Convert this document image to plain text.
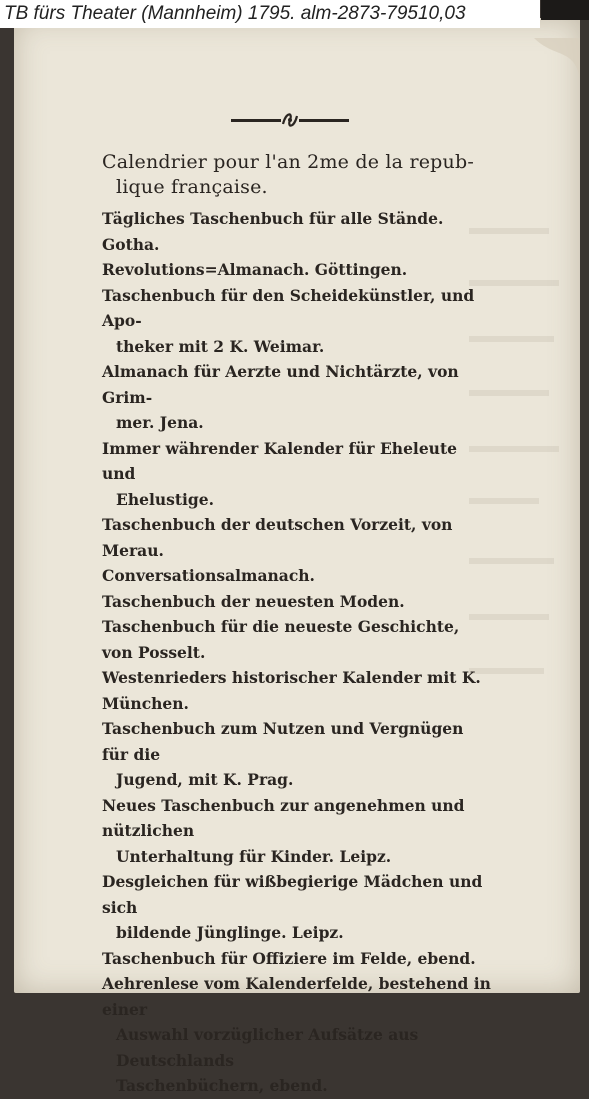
Calendrier pour l'an 2me de la repub-
lique française.

Tägliches Taschenbuch für alle Stände. Gotha.

Revolutions=Almanach. Göttingen.

Taschenbuch für den Scheidekünstler, und Apo-
theker mit 2 K. Weimar.

Almanach für Aerzte und Nichtärzte, von Grim-
mer. Jena.

Immer währender Kalender für Eheleute und
Ehelustige.

Taschenbuch der deutschen Vorzeit, von Merau.

Conversationsalmanach.

Taschenbuch der neuesten Moden.

Taschenbuch für die neueste Geschichte, von Posselt.

Westenrieders historischer Kalender mit K. München.

Taschenbuch zum Nutzen und Vergnügen für die
Jugend, mit K. Prag.

Neues Taschenbuch zur angenehmen und nützlichen
Unterhaltung für Kinder. Leipz.

Desgleichen für wißbegierige Mädchen und sich
bildende Jünglinge. Leipz.

Taschenbuch für Offiziere im Felde, ebend.

Aehrenlese vom Kalenderfelde, bestehend in einer
Auswahl vorzüglicher Aufsätze aus Deutschlands
Taschenbüchern, ebend.

TB fürs Theater (Mannheim) 1795. alm-2873-79510,03
